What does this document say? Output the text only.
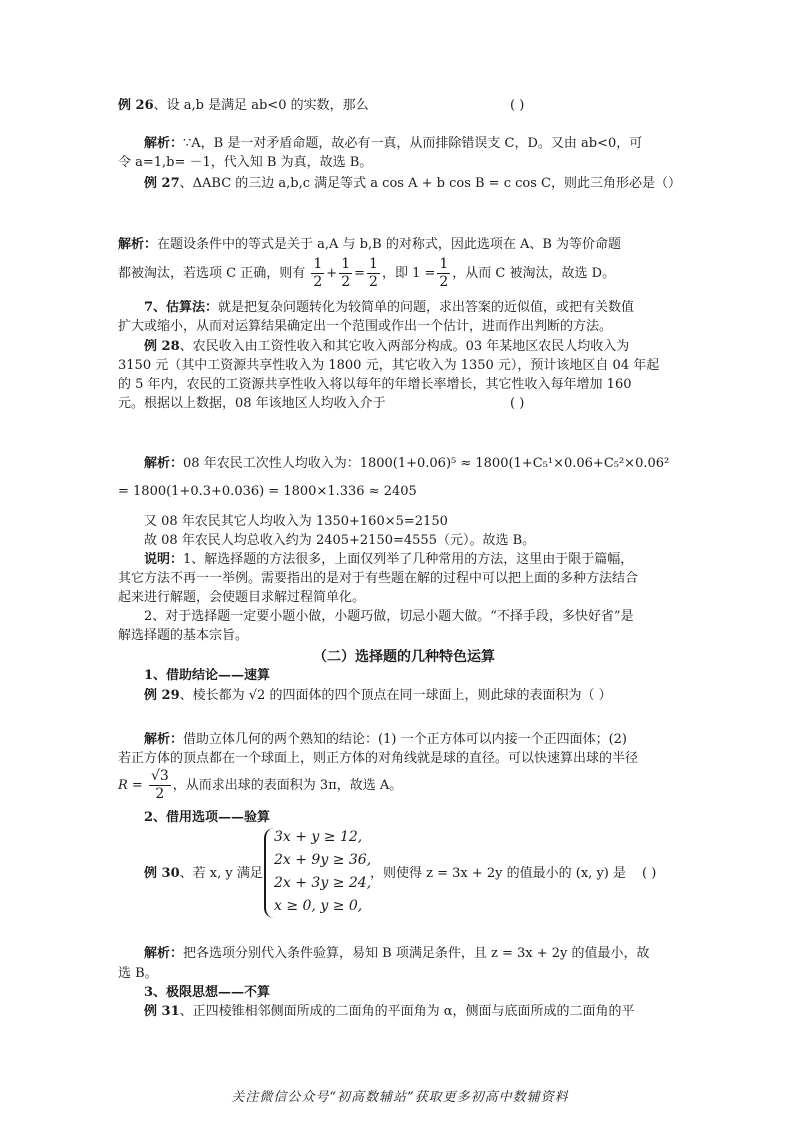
例 26、设 a,b 是满足 ab<0 的实数，那么	( )
解析：∵A，B 是一对矛盾命题，故必有一真，从而排除错误支 C，D。又由 ab<0，可
令 a=1,b= －1，代入知 B 为真，故选 B。
例 27、ΔABC 的三边 a,b,c 满足等式 a cos A + b cos B = c cos C，则此三角形必是（）
解析：在题设条件中的等式是关于 a,A 与 b,B 的对称式，因此选项在 A、B 为等价命题
都被淘汰，若选项 C 正确，则有 $\frac{1}{2} + \frac{1}{2} = \frac{1}{2}$ ，即 $1 = \frac{1}{2}$ ，从而 C 被淘汰，故选 D。
7、估算法：就是把复杂问题转化为较简单的问题，求出答案的近似值，或把有关数值
扩大或缩小，从而对运算结果确定出一个范围或作出一个估计，进而作出判断的方法。
例 28、农民收入由工资性收入和其它收入两部分构成。03 年某地区农民人均收入为
3150 元（其中工资源共享性收入为 1800 元，其它收入为 1350 元），预计该地区自 04 年起
的 5 年内，农民的工资源共享性收入将以每年的年增长率增长，其它性收入每年增加 160
元。根据以上数据，08 年该地区人均收入介于	( )
解析：08 年农民工次性人均收入为：1800(1+0.06)⁵ ≈ 1800(1+C₅¹×0.06+C₅²×0.06²
= 1800(1+0.3+0.036) = 1800×1.336 ≈ 2405
又 08 年农民其它人均收入为 1350+160×5=2150
故 08 年农民人均总收入约为 2405+2150=4555（元）。故选 B。
说明：1、解选择题的方法很多，上面仅列举了几种常用的方法，这里由于限于篇幅，
其它方法不再一一举例。需要指出的是对于有些题在解的过程中可以把上面的多种方法结合
起来进行解题，会使题目求解过程简单化。
2、对于选择题一定要小题小做，小题巧做，切忌小题大做。“不择手段，多快好省”是
解选择题的基本宗旨。
（二）选择题的几种特色运算
1、借助结论——速算
例 29、棱长都为 √2 的四面体的四个顶点在同一球面上，则此球的表面积为（ ）
解析：借助立体几何的两个熟知的结论：(1) 一个正方体可以内接一个正四面体；(2)
若正方体的顶点都在一个球面上，则正方体的对角线就是球的直径。可以快速算出球的半径
$R = \frac{√3}{2}$ ，从而求出球的表面积为 3π，故选 A。
2、借用选项——验算
例 30、若 x, y 满足
3x + y ≥ 12,
2x + 9y ≥ 36,
2x + 3y ≥ 24,
x ≥ 0, y ≥ 0,
，则使得 z = 3x + 2y 的值最小的 (x, y) 是 ( )
解析：把各选项分别代入条件验算，易知 B 项满足条件，且 z = 3x + 2y 的值最小，故
选 B。
3、极限思想——不算
例 31、正四棱锥相邻侧面所成的二面角的平面角为 α，侧面与底面所成的二面角的平
关注微信公众号“初高数辅站”获取更多初高中数辅资料
